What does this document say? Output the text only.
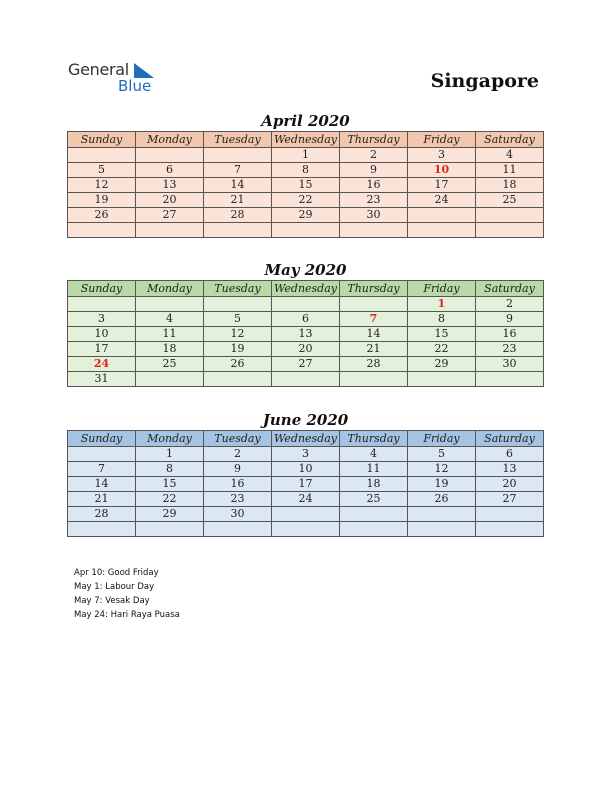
General
Blue	Singapore
April 2020
Sunday	Monday	Tuesday	Wednesday	Thursday	Friday	Saturday
			1	2	3	4
5	6	7	8	9	10	11
12	13	14	15	16	17	18
19	20	21	22	23	24	25
26	27	28	29	30		

May 2020
Sunday	Monday	Tuesday	Wednesday	Thursday	Friday	Saturday
					1	2
3	4	5	6	7	8	9
10	11	12	13	14	15	16
17	18	19	20	21	22	23
24	25	26	27	28	29	30
31						
June 2020
Sunday	Monday	Tuesday	Wednesday	Thursday	Friday	Saturday
	1	2	3	4	5	6
7	8	9	10	11	12	13
14	15	16	17	18	19	20
21	22	23	24	25	26	27
28	29	30				

Apr 10: Good Friday
May 1: Labour Day
May 7: Vesak Day
May 24: Hari Raya Puasa
